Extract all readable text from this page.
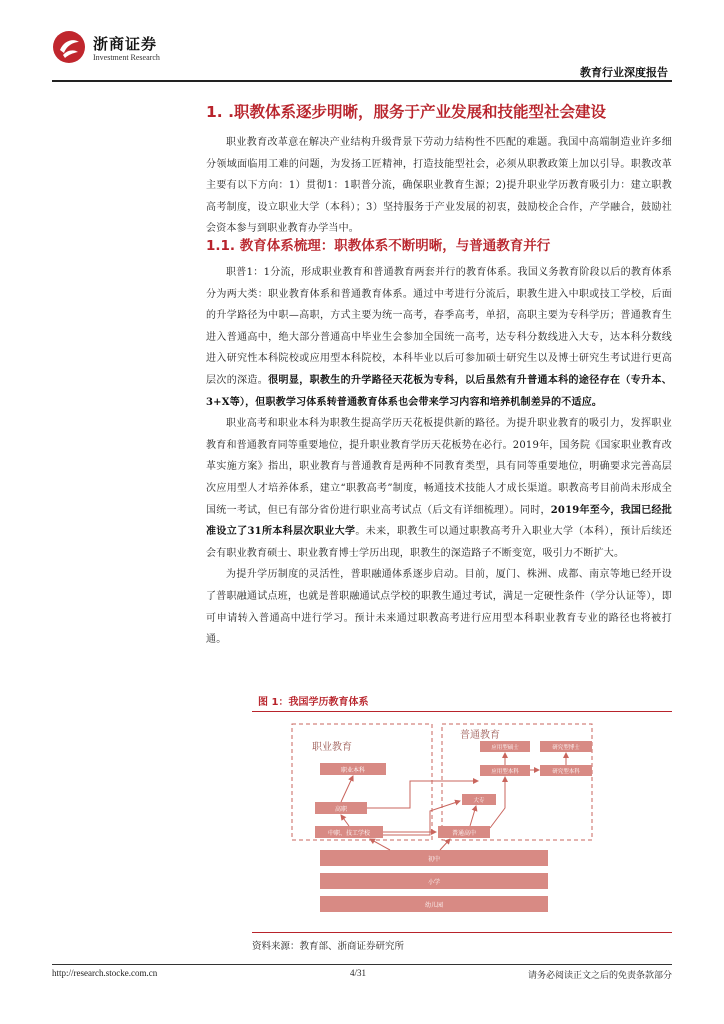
浙商证券
Investment Research
教育行业深度报告
1. .职教体系逐步明晰，服务于产业发展和技能型社会建设

职业教育改革意在解决产业结构升级背景下劳动力结构性不匹配的难题。我国中高端制造业许多细分领域面临用工难的问题，为发扬工匠精神，打造技能型社会，必须从职教政策上加以引导。职教改革主要有以下方向：1）贯彻1：1职普分流，确保职业教育生源；2)提升职业学历教育吸引力：建立职教高考制度，设立职业大学（本科）；3）坚持服务于产业发展的初衷，鼓励校企合作，产学融合，鼓励社会资本参与到职业教育办学当中。

1.1. 教育体系梳理：职教体系不断明晰，与普通教育并行

职普1：1分流，形成职业教育和普通教育两套并行的教育体系。我国义务教育阶段以后的教育体系分为两大类：职业教育体系和普通教育体系。通过中考进行分流后，职教生进入中职或技工学校，后面的升学路径为中职—高职，方式主要为统一高考，春季高考，单招，高职主要为专科学历；普通教育生进入普通高中，绝大部分普通高中毕业生会参加全国统一高考，达专科分数线进入大专，达本科分数线进入研究性本科院校或应用型本科院校，本科毕业以后可参加硕士研究生以及博士研究生考试进行更高层次的深造。很明显，职教生的升学路径天花板为专科，以后虽然有升普通本科的途径存在（专升本、3+X等），但职教学习体系转普通教育体系也会带来学习内容和培养机制差异的不适应。

职业高考和职业本科为职教生提高学历天花板提供新的路径。为提升职业教育的吸引力，发挥职业教育和普通教育同等重要地位，提升职业教育学历天花板势在必行。2019年，国务院《国家职业教育改革实施方案》指出，职业教育与普通教育是两种不同教育类型，具有同等重要地位，明确要求完善高层次应用型人才培养体系，建立“职教高考”制度，畅通技术技能人才成长渠道。职教高考目前尚未形成全国统一考试，但已有部分省份进行职业高考试点（后文有详细梳理）。同时，2019年至今，我国已经批准设立了31所本科层次职业大学。未来，职教生可以通过职教高考升入职业大学（本科），预计后续还会有职业教育硕士、职业教育博士学历出现，职教生的深造路子不断变宽，吸引力不断扩大。

为提升学历制度的灵活性，普职融通体系逐步启动。目前，厦门、株洲、成都、南京等地已经开设了普职融通试点班，也就是普职融通试点学校的职教生通过考试，满足一定硬性条件（学分认证等），即可申请转入普通高中进行学习。预计未来通过职教高考进行应用型本科职业教育专业的路径也将被打通。

图 1：我国学历教育体系
职业教育
普通教育
职业本科
高职
中职、技工学校
应用型硕士	研究型博士
应用型本科	研究型本科
大专
普通高中
初中
小学
幼儿园
资料来源：教育部、浙商证券研究所
http://research.stocke.com.cn	4/31	请务必阅读正文之后的免责条款部分
